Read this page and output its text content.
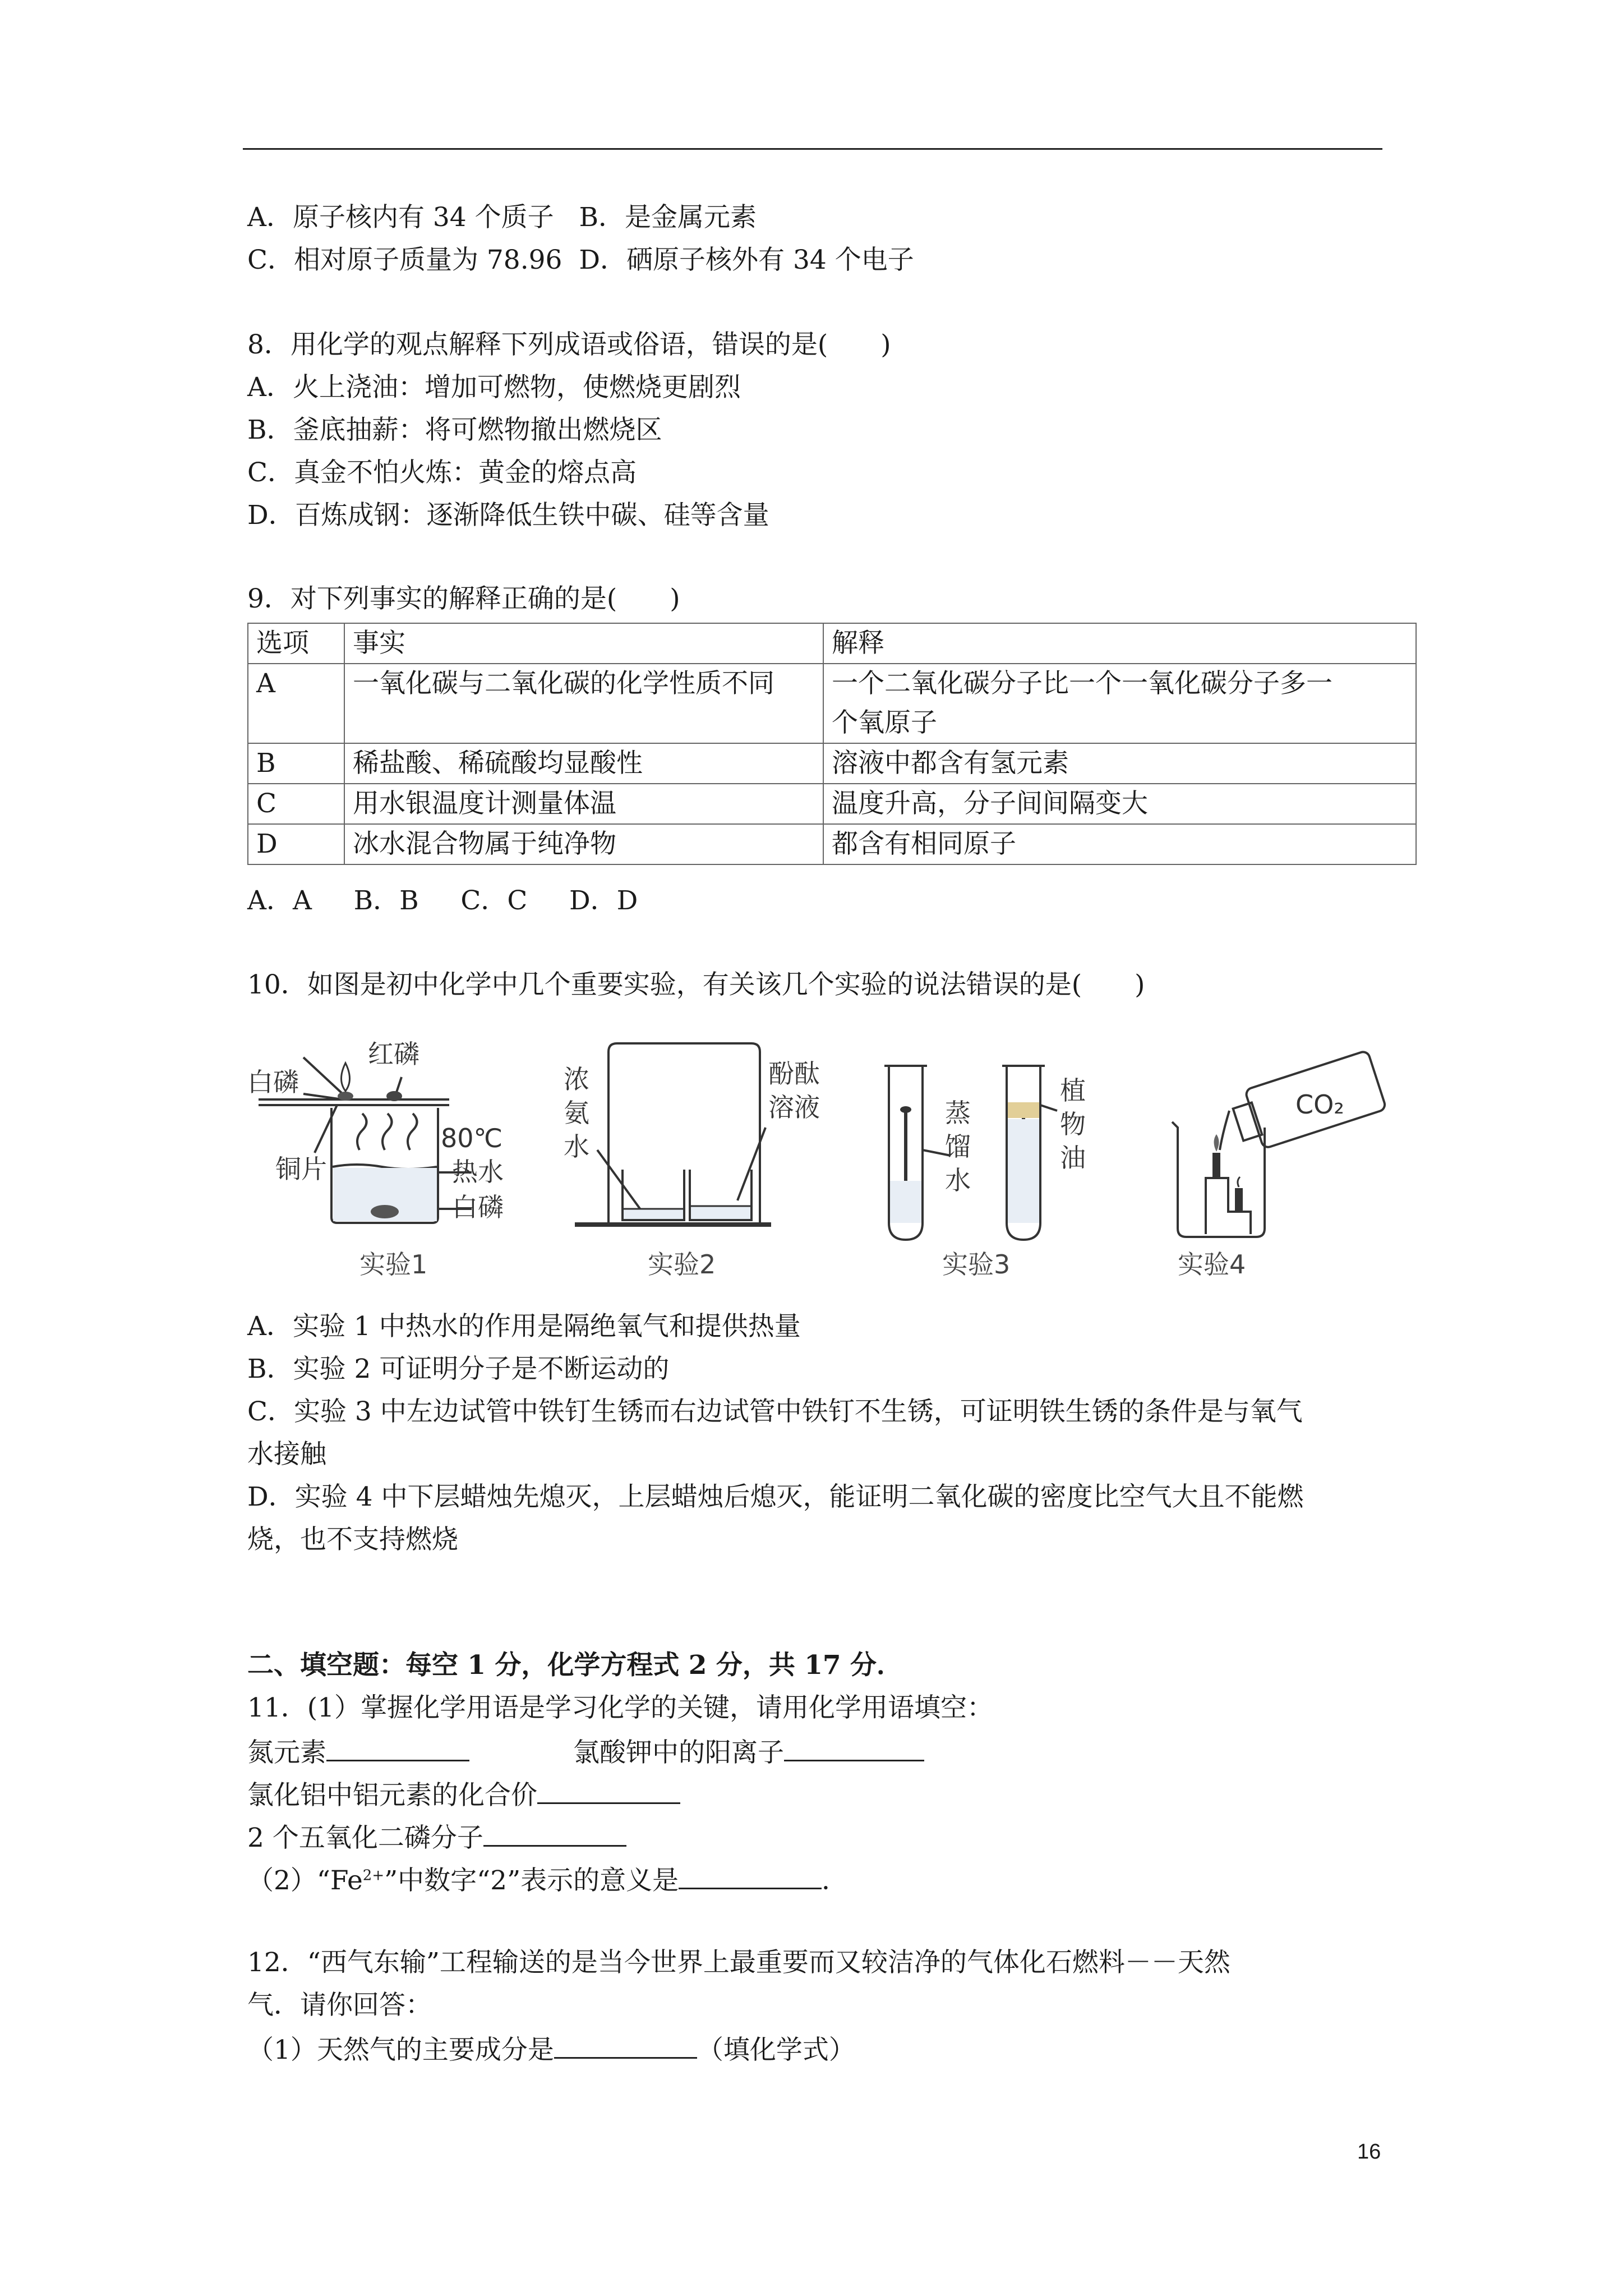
A．原子核内有 34 个质子   B．是金属元素
C．相对原子质量为 78.96  D．硒原子核外有 34 个电子
8．用化学的观点解释下列成语或俗语，错误的是(　　)
A．火上浇油：增加可燃物，使燃烧更剧烈
B．釜底抽薪：将可燃物撤出燃烧区
C．真金不怕火炼：黄金的熔点高
D．百炼成钢：逐渐降低生铁中碳、硅等含量
9．对下列事实的解释正确的是(　　)
选项	事实	解释
A	一氧化碳与二氧化碳的化学性质不同	一个二氧化碳分子比一个一氧化碳分子多一
个氧原子

B	稀盐酸、稀硫酸均显酸性	溶液中都含有氢元素
C	用水银温度计测量体温	温度升高，分子间间隔变大
D	冰水混合物属于纯净物	都含有相同原子
A．A     B．B     C．C     D．D
10．如图是初中化学中几个重要实验，有关该几个实验的说法错误的是(　　)
红磷
白磷
80℃
铜片	热水
白磷
实验1
浓
氨
水
酚酞
溶液
实验2
蒸
馏
水
植
物
油
实验3
CO₂
实验4
A．实验 1 中热水的作用是隔绝氧气和提供热量
B．实验 2 可证明分子是不断运动的
C．实验 3 中左边试管中铁钉生锈而右边试管中铁钉不生锈，可证明铁生锈的条件是与氧气
水接触
D．实验 4 中下层蜡烛先熄灭，上层蜡烛后熄灭，能证明二氧化碳的密度比空气大且不能燃
烧，也不支持燃烧
二、填空题：每空 1 分，化学方程式 2 分，共 17 分．
11．(1）掌握化学用语是学习化学的关键，请用化学用语填空：
氮元素	氯酸钾中的阳离子
氯化铝中铝元素的化合价
2 个五氧化二磷分子
$(2)“Fe^{2+}$”中数字“2”表示的意义是	．
12．“西气东输”工程输送的是当今世界上最重要而又较洁净的气体化石燃料－－天然
气．请你回答：
（1）天然气的主要成分是	（填化学式）
16
